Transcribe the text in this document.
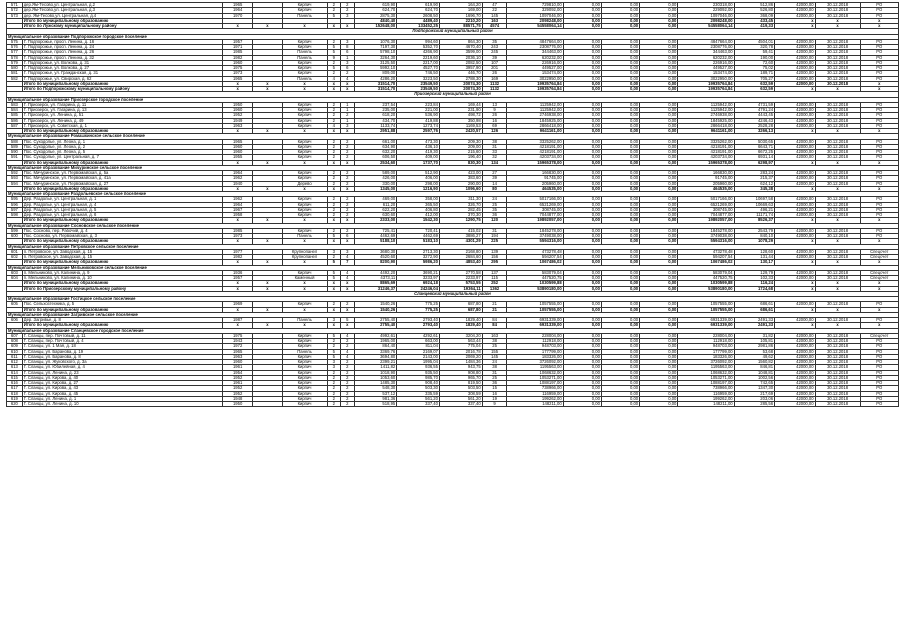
571	дер.Ям-Тесово,ул. Центральная, д.2	1965		Кирпич	2	2	619,90	619,90	164,20	47	729810,00	0,00	0,00	0,00	230318,00	512,86	42000,00	30.12.2018	РО
572	дер.Ям-Тесово,ул. Центральная, д.3	1964		Кирпич	2	2	624,70	624,70	169,00	22	329092,00	0,00	0,00	0,00	229092,00	526,80	42000,00	30.12.2018	РО
573	дер. Ям-Тесово,ул. Центральная, д.4	1970		Панель	5	3	2875,30	2608,50	1696,70	145	1097046,00	0,00	0,00	0,00	1097046,00	368,09	42000,00	30.12.2018	РО
	Итого по муниципальному образованию						4840,40	4489,40	2210,20	163	2098248,00	0,00	0,00	0,00	2098248,00	433,45	x	x	x
	Итого по Лужскому муниципальному району	x	x	x	x	x	152648,00	133452,25	88571,75	4574	54558064,14	0,00	0,00	0,00	54558064,14	419,33	x	x	x
Подпорожский муниципальный район																			
Муниципальное образование Подпорожское городское поселение																			
575	Г. Подпорожье, просп. Ленина, д. 16	1957		Кирпич	2	3	1076,30	994,60	864,30	35	4847664,00	0,00	0,00	0,00	4847664,00	4504,01	42000,00	30.12.2018	РО
576	Г. Подпорожье, просп. Ленина, д. 24	1971		Кирпич	5	8	7197,30	5352,70	4670,40	243	2308776,00	0,00	0,00	0,00	2308776,00	320,78	42000,00	30.12.2018	РО
577	Г. Подпорожье, просп. Ленина, д. 26	1985		Панель	5	6	5798,10	4266,90	3599,00	245	344463,00	0,00	0,00	0,00	344463,00	59,41	42000,00	30.12.2018	РО
578	Г. Подпорожье, просп. Ленина, д. 32	1982		Панель	9	1	3264,30	2219,60	2036,10	39	620232,00	0,00	0,00	0,00	620232,00	190,00	42000,00	30.12.2018	РО
579	Г. Подпорожье, ул. Волкова, д. 31	1960		Кирпич	2	3	3125,50	2217,00	2082,50	107	226916,00	0,00	0,00	0,00	226916,00	72,60	42000,00	30.12.2018	РО
580	Г. Подпорожье, ул. Волкова, д. 27	1975		Кирпич	5	6	5992,10	4527,70	3957,90	201	449527,00	0,00	0,00	0,00	449527,00	75,02	42000,00	30.12.2018	РО
581	Г. Подпорожье, ул. Гражданская, д. 31	1973		Кирпич	2	2	809,00	746,50	446,70	26	153474,00	0,00	0,00	0,00	153474,00	189,71	42000,00	30.12.2018	РО
582	Г. Подпорожье, ул. Свирская, д. 62	1965		Панель	4	4	4286,20	3223,50	2788,30	169	3022950,00	0,00	0,00	0,00	3022950,00	705,27	42000,00	30.12.2018	РО
	Итого по муниципальному образованию	x	x	x	x	x	31514,70	23549,50	20074,30	1132	19935764,84	0,00	0,00	0,00	19935764,84	632,59	42000,00	30.12.2018	x
	Итого по Подпорожскому муниципальному району	x	x	x	x	x	31514,70	23549,50	20074,30	1132	19935764,84	0,00	0,00	0,00	19935764,84	632,59	x	x	x
Приозерский муниципальный район																			
Муниципальное образование Приозерское городское поселение																			
583	Г. Приозерск, ул. Гагарина, д. 11	1950		Кирпич	2	1	237,54	223,84	169,44	13	1125942,00	0,00	0,00	0,00	1125942,00	4731,59	42000,00	30.12.2018	РО
584	Г. Приозерск, ул. Гагарина, д. 13	1960		Кирпич	2	1	235,00	221,00	231,90	9	1125942,00	0,00	0,00	0,00	1125942,00	4791,24	42000,00	30.12.2018	РО
585	Г. Приозерск, ул. Ленина, д. 51	1952		Кирпич	2	2	618,20	536,90	498,72	26	2746938,00	0,00	0,00	0,00	2746938,00	4443,45	42000,00	30.12.2018	РО
586	Г. Приозерск, ул. Ленина, д. 49	1949		Кирпич	2	1	434,70	419,88	350,98	16	1845925,00	0,00	0,00	0,00	1845925,00	4246,43	42000,00	30.12.2018	РО
587	Г. Приозерск, ул. Советская, д. 1	1963		Кирпич	4	3	1133,74	1273,74	1169,53	69	2866418,00	0,00	0,00	0,00	2866418,00	2528,28	42000,00	30.12.2018	РО
	Итого по муниципальному образованию	x	x	x	x	x	2951,88	2597,76	2420,57	126	9641161,00	0,00	0,00	0,00	9641161,00	3266,13	x	x	x
Муниципальное образование Ромашкинское сельское поселение																			
588	Пос. Суходолье, ул. Леона, д. 1	1965		Кирпич	2	2	661,00	473,30	209,30	38	3325262,00	0,00	0,00	0,00	3325262,00	5030,65	42000,00	30.12.2018	РО
589	Пос. Суходолье, ул. Леона, д. 2	1960		Кирпич	2	2	634,90	436,10	209,00	31	4218191,00	0,00	0,00	0,00	4218191,00	6643,71	42000,00	30.12.2018	РО
590	Пос. Суходолье, ул. Леона, д. 5	1960		Кирпич	2	2	632,20	419,30	215,60	33	4218191,00	0,00	0,00	0,00	4218191,00	6672,25	42000,00	30.12.2018	РО
591	Пос. Суходолье, ул. Центральная, д. 7	1955		Кирпич	2	2	606,50	409,00	196,40	32	4203734,00	0,00	0,00	0,00	4203734,00	6931,14	42000,00	30.12.2018	РО
	Итого по муниципальному образованию	x	x	x	x	x	2534,60	1737,70	830,30	134	15965378,00	0,00	0,00	0,00	15965378,00	6298,97	x	x	x
Муниципальное образование Мичуринское сельское поселение																			
592	Пос. Мичуринское, ул. Первомайская, д. 5а	1964		Кирпич	2	2	589,00	512,90	423,00	27	166830,00	0,00	0,00	0,00	166830,00	283,24	42000,00	30.12.2018	РО
593	Пос. Мичуринское, ул. Первомайская, д. 41а	1962		Кирпич	2	2	426,00	406,00	383,60	39	91745,00	0,00	0,00	0,00	91745,00	215,37	42000,00	30.12.2018	РО
594	Пос. Мичуринское, ул. Первомайская, д. 27	1940		Дерево	2	2	330,00	298,00	290,00	14	205960,00	0,00	0,00	0,00	205960,00	624,12	42000,00	30.12.2018	РО
	Итого по муниципальному образованию	x	x	x	x	x	1345,00	1216,90	1096,60	80	464535,00	0,00	0,00	0,00	464535,00	345,38	x	x	x
Муниципальное образование Раздольевское сельское поселение																			
595	Дер. Раздолье, ул. Центральная, д. 1	1962		Кирпич	2	2	469,00	358,00	311,30	24	5017166,00	0,00	0,00	0,00	5017166,00	10697,58	42000,00	30.12.2018	РО
596	Дер. Раздолье, ул. Центральная, д. 4	1964		Кирпич	2	2	611,20	365,50	326,70	25	6521269,00	0,00	0,00	0,00	6521269,00	10669,63	42000,00	30.12.2018	РО
597	Дер. Раздолье, ул. Центральная, д. 5	1967		Кирпич	2	2	622,20	406,80	282,45	35	308745,00	0,00	0,00	0,00	308745,00	496,21	42000,00	30.12.2018	РО
598	Дер. Раздолье, ул. Центральная, д. 6	1958		Кирпич	2	2	630,60	412,00	370,30	36	7044877,00	0,00	0,00	0,00	7044877,00	11171,74	42000,00	30.12.2018	РО
	Итого по муниципальному образованию	x	x	x	x	x	2333,00	1542,30	1290,75	120	19892057,00	0,00	0,00	0,00	19892057,00	8526,37	x	x	x
Муниципальное образование Сосновское сельское поселение																			
599	Пос. Сосново, пер. Рабочий, д. 4	1985		Кирпич	2	2	725,41	720,41	415,02	31	1845278,00	0,00	0,00	0,00	1845278,00	2543,79	42000,00	30.12.2018	РО
600	Пос. Сосново, ул. Первомайская, д. 3	1973		Панель	5	6	4462,69	4462,69	3886,27	194	3749038,00	0,00	0,00	0,00	3749038,00	840,10	42000,00	30.12.2018	РО
	Итого по муниципальному образованию	x	x	x	x	x	5188,10	5183,10	4301,29	225	5594316,00	0,00	0,00	0,00	5594316,00	1078,29	x	x	x
Муниципальное образование Петровское сельское поселение																			
601	п. Петровское, ул. Заводская, д. 15	1977		Крупнопанел	3	3	3680,30	2713,30	2168,80	139	473278,48	0,00	0,00	0,00	473278,48	128,60	42000,00	30.12.2018	Спецсчет
602	п. Петровское, ул. Заводская, д. 15	1982		Крупнопанел	2	4	4520,60	3272,90	2684,60	156	594207,54	0,00	0,00	0,00	594207,54	131,44	42000,00	30.12.2018	Спецсчет
	Итого по муниципальному образованию	x	x	x	5	7	8200,90	5986,20	4853,40	295	1067486,02	0,00	0,00	0,00	1067486,02	130,17	x	x	x
Муниципальное образование Мельниковское сельское поселение																			
603	п. Мельниково, ул. Калинина, д. 9	1936		Кирпич	5	4	4492,20	3690,21	2770,58	137	583079,04	0,00	0,00	0,00	583079,04	129,79	42000,00	30.12.2018	Спецсчет
604	п. Мельниково, ул. Калинина, д. 10	1957		Каменный	5	4	4373,11	3233,97	2233,97	115	447520,75	0,00	0,00	0,00	447520,75	102,33	42000,00	30.12.2018	Спецсчет
	Итого по муниципальному образованию	x	x	x	x	x	8865,69	6924,18	5753,55	252	1030599,88	0,00	0,00	0,00	1030599,88	116,24	x	x	x
	Итого по Приозерскому муниципальному району	x	x	x	x	x	31246,37	24246,04	19364,11	1362	53890180,00	0,00	0,00	0,00	53890180,00	1724,68	x	x	x
Сланцевский муниципальный район																			
Муниципальное образование Гостицкое сельское поселение																			
605	Пос. Сельхозтехника, д. 5	1969		Кирпич	2	2	1540,26	775,25	687,80	21	1057555,00	0,00	0,00	0,00	1057555,00	686,61	42000,00	30.12.2018	РО
	Итого по муниципальному образованию	x	x	x	x	x	1540,26	775,25	687,80	21	1057555,00	0,00	0,00	0,00	1057555,00	686,61	x	x	x
Муниципальное образование Загривское сельское поселение																			
606	Дер. Загривье, д. 8	1987		Панель	3	5	2755,40	2793,40	1829,40	84	6931339,00	0,00	0,00	0,00	6931339,00	2491,33	42000,00	30.12.2018	РО
	Итого по муниципальному образованию	x	x	x	x	x	2755,40	2793,40	1829,40	84	6931339,00	0,00	0,00	0,00	6931339,00	2491,33	x	x	x
Муниципальное образование Сланцевское городское поселение																			
607	Г. Сланцы, пер. Почтовый, д. 11	1975		Кирпич	5	4	4992,61	4292,61	3204,20	163	228004,00	0,00	0,00	0,00	228004,00	31,82	42000,00	30.12.2018	Спецсчет
608	Г. Сланцы, пер. Почтовый, д. 4	1943		Кирпич	2	2	1965,00	663,00	563,44	38	112918,00	0,00	0,00	0,00	112918,00	105,81	42000,00	30.12.2018	РО
609	Г. Сланцы, ул. 1 Мая, д. 18	1972		Кирпич	2	2	864,40	811,04	775,04	25	948703,00	0,00	0,00	0,00	948703,00	2981,86	42000,00	30.12.2018	РО
610	Г. Сланцы, ул. Баранова, д. 19	1965		Панель	5	4	3369,76	2169,07	2016,78	155	177799,00	0,00	0,00	0,00	177799,00	53,68	42000,00	30.12.2018	РО
611	Г. Сланцы, ул. Баранова, д. 8	1963		Кирпич	5	4	3694,80	2143,00	2069,20	145	183326,00	0,00	0,00	0,00	183326,00	49,62	42000,00	30.12.2018	РО
612	Г. Сланцы, ул. Жуковского, д. 3а	1960		Кирпич	3	2	2399,21	1995,04	1484,36	24	3726092,00	0,00	0,00	0,00	3726092,00	1560,82	42000,00	30.12.2018	РО
613	Г. Сланцы, ул. Юбилейная, д. 4	1961		Кирпич	3	2	1411,82	936,55	943,75	38	1195563,00	0,00	0,00	0,00	1195563,00	846,81	42000,00	30.12.2018	РО
614	Г. Сланцы, ул. Ленина, д. 23	1954		Кирпич	2	2	1018,90	935,50	908,80	31	1068632,00	0,00	0,00	0,00	1068632,00	1048,81	42000,00	30.12.2018	РО
615	Г. Сланцы, ул. Кирова, д. 40	1952		Кирпич	2	2	1053,60	985,70	965,70	25	1053271,00	0,00	0,00	0,00	1053271,00	1002,56	42000,00	30.12.2018	РО
616	Г. Сланцы, ул. Кирова, д. 27	1961		Кирпич	2	2	1485,30	908,40	819,50	36	1088197,00	0,00	0,00	0,00	1088197,00	742,65	42000,00	30.12.2018	РО
617	Г. Сланцы, ул. Кирова, д. 43	1952		Кирпич	2	2	548,30	503,30	503,50	15	738966,00	0,00	0,00	0,00	738966,00	1347,30	42000,00	30.12.2018	РО
618	Г. Сланцы, ул. Кирова, д. 45	1952		Кирпич	2	2	537,12	335,59	308,59	16	116959,00	0,00	0,00	0,00	116959,00	217,69	42000,00	30.12.2018	РО
619	Г. Сланцы, ул. Ленина, д. 1	1948		Кирпич	2	2	981,36	561,20	561,20	19	199262,00	0,00	0,00	0,00	199262,00	203,06	42000,00	30.12.2018	РО
620	Г. Сланцы, ул. Ленина, д. 10	1950		Кирпич	2	2	518,95	337,40	337,40	9	148211,00	0,00	0,00	0,00	148211,00	285,56	42000,00	30.12.2018	РО
